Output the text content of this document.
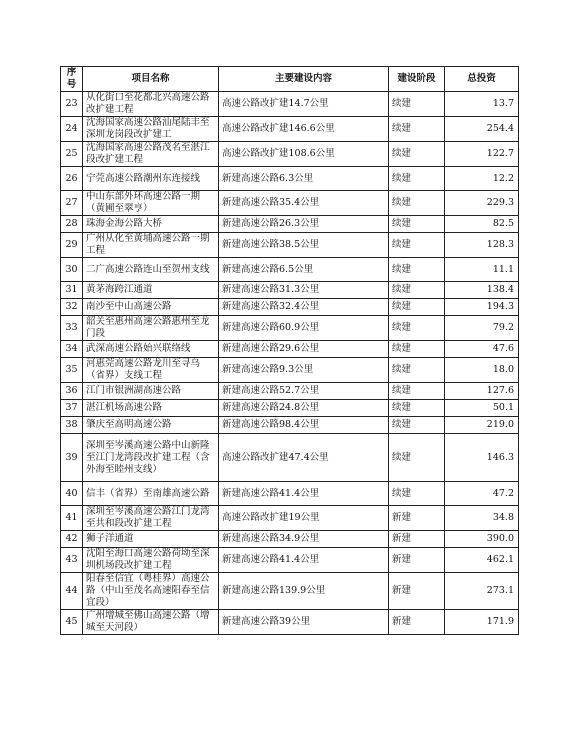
序号	项目名称	主要建设内容	建设阶段	总投资
23	从化街口至花都北兴高速公路改扩建工程	高速公路改扩建14.7公里	续建	13.7
24	沈海国家高速公路汕尾陆丰至深圳龙岗段改扩建工	高速公路改扩建146.6公里	续建	254.4
25	沈海国家高速公路茂名至湛江段改扩建工程	高速公路改扩建108.6公里	续建	122.7
26	宁莞高速公路潮州东连接线	新建高速公路6.3公里	续建	12.2
27	中山东部外环高速公路一期（黄圃至翠亨）	新建高速公路35.4公里	续建	229.3
28	珠海金海公路大桥	新建高速公路26.3公里	续建	82.5
29	广州从化至黄埔高速公路一期工程	新建高速公路38.5公里	续建	128.3
30	二广高速公路连山至贺州支线	新建高速公路6.5公里	续建	11.1
31	黄茅海跨江通道	新建高速公路31.3公里	续建	138.4
32	南沙至中山高速公路	新建高速公路32.4公里	续建	194.3
33	韶关至惠州高速公路惠州至龙门段	新建高速公路60.9公里	续建	79.2
34	武深高速公路始兴联络线	新建高速公路29.6公里	续建	47.6
35	河惠莞高速公路龙川至寻乌（省界）支线工程	新建高速公路9.3公里	续建	18.0
36	江门市银洲湖高速公路	新建高速公路52.7公里	续建	127.6
37	湛江机场高速公路	新建高速公路24.8公里	续建	50.1
38	肇庆至高明高速公路	新建高速公路98.4公里	续建	219.0
39	深圳至岑溪高速公路中山新隆至江门龙湾段改扩建工程（含外海至睦州支线）	高速公路改扩建47.4公里	续建	146.3
40	信丰（省界）至南雄高速公路	新建高速公路41.4公里	续建	47.2
41	深圳至岑溪高速公路江门龙湾至共和段改扩建工程	高速公路改扩建19公里	新建	34.8
42	狮子洋通道	新建高速公路34.9公里	新建	390.0
43	沈阳至海口高速公路荷坳至深圳机场段改扩建工程	新建高速公路41.4公里	新建	462.1
44	阳春至信宜（粤桂界）高速公路（中山至茂名高速阳春至信宜段）	新建高速公路139.9公里	新建	273.1
45	广州增城至佛山高速公路（增城至天河段）	新建高速公路39公里	新建	171.9
